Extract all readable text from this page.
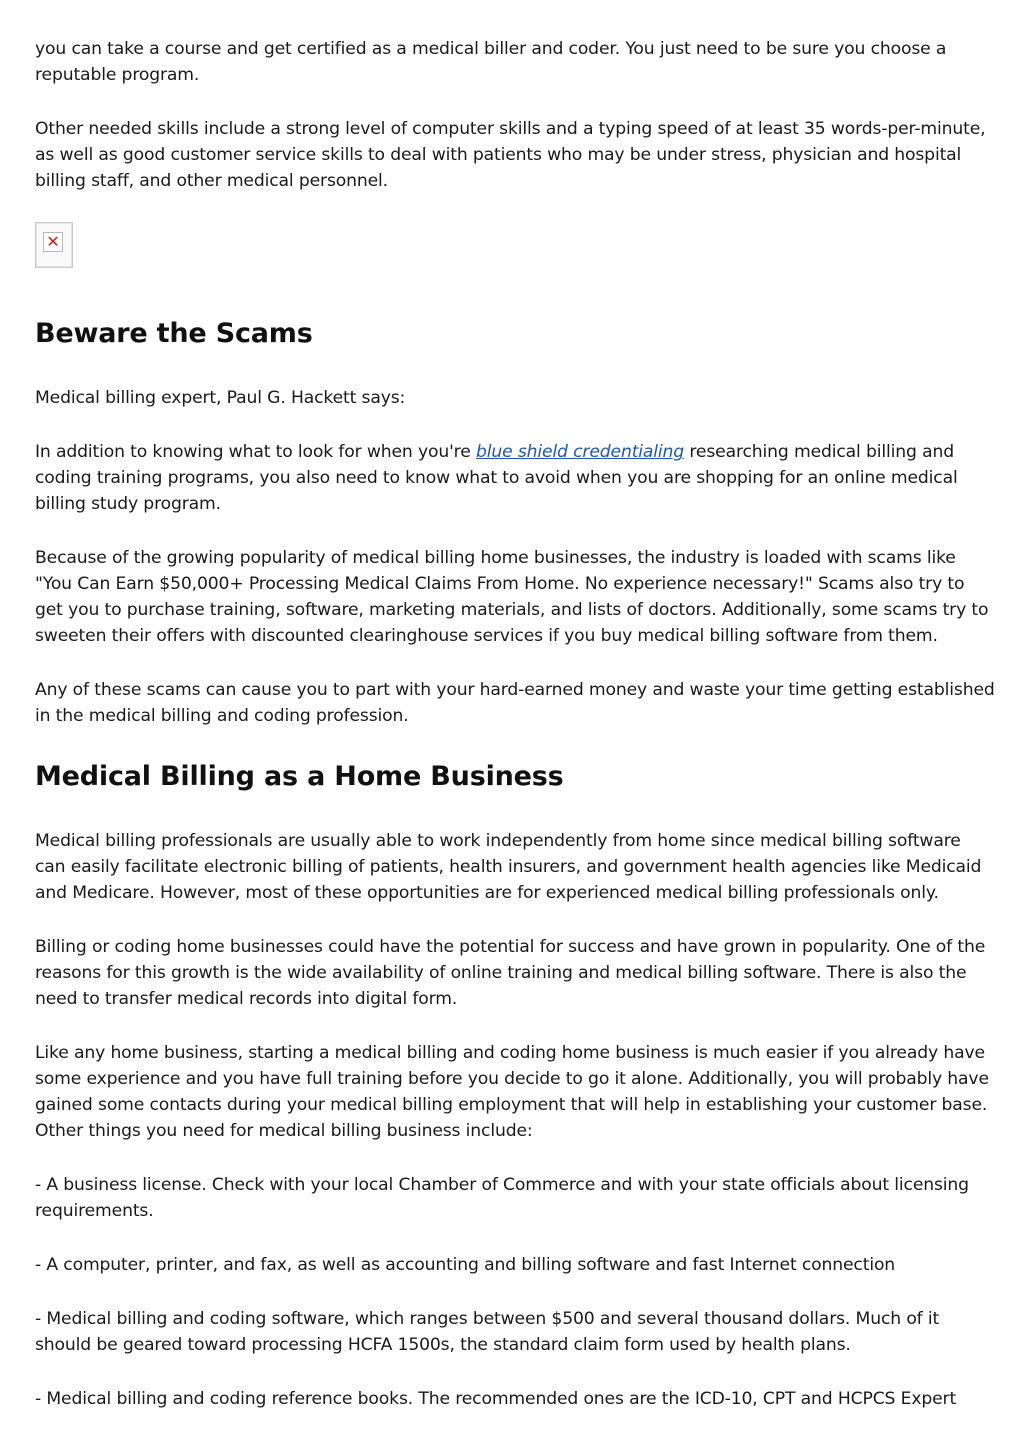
you can take a course and get certified as a medical biller and coder. You just need to be sure you choose a reputable program.

Other needed skills include a strong level of computer skills and a typing speed of at least 35 words-per-minute, as well as good customer service skills to deal with patients who may be under stress, physician and hospital billing staff, and other medical personnel.

✕
Beware the Scams

Medical billing expert, Paul G. Hackett says:

In addition to knowing what to look for when you're blue shield credentialing researching medical billing and coding training programs, you also need to know what to avoid when you are shopping for an online medical billing study program.

Because of the growing popularity of medical billing home businesses, the industry is loaded with scams like "You Can Earn $50,000+ Processing Medical Claims From Home. No experience necessary!" Scams also try to get you to purchase training, software, marketing materials, and lists of doctors. Additionally, some scams try to sweeten their offers with discounted clearinghouse services if you buy medical billing software from them.

Any of these scams can cause you to part with your hard-earned money and waste your time getting established in the medical billing and coding profession.

Medical Billing as a Home Business

Medical billing professionals are usually able to work independently from home since medical billing software can easily facilitate electronic billing of patients, health insurers, and government health agencies like Medicaid and Medicare. However, most of these opportunities are for experienced medical billing professionals only.

Billing or coding home businesses could have the potential for success and have grown in popularity. One of the reasons for this growth is the wide availability of online training and medical billing software. There is also the need to transfer medical records into digital form.

Like any home business, starting a medical billing and coding home business is much easier if you already have some experience and you have full training before you decide to go it alone. Additionally, you will probably have gained some contacts during your medical billing employment that will help in establishing your customer base. Other things you need for medical billing business include:

- A business license. Check with your local Chamber of Commerce and with your state officials about licensing requirements.

- A computer, printer, and fax, as well as accounting and billing software and fast Internet connection

- Medical billing and coding software, which ranges between $500 and several thousand dollars. Much of it should be geared toward processing HCFA 1500s, the standard claim form used by health plans.

- Medical billing and coding reference books. The recommended ones are the ICD-10, CPT and HCPCS Expert
